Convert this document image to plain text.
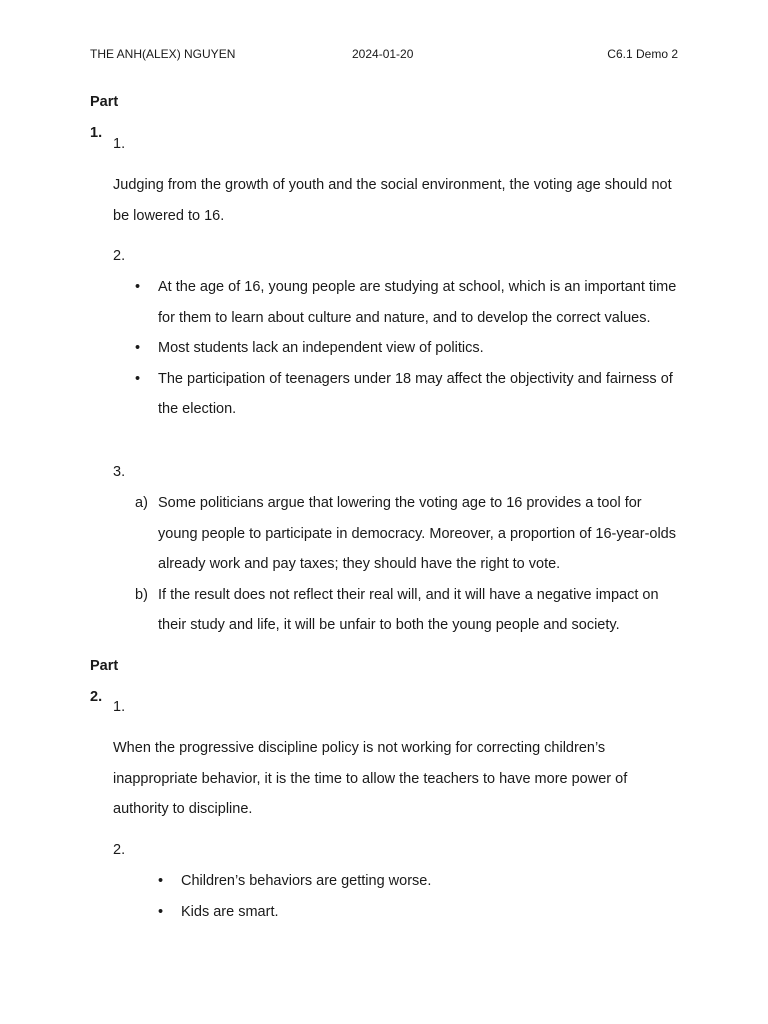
THE ANH(ALEX) NGUYEN	2024-01-20	C6.1 Demo 2

Part 1.

1.

Judging from the growth of youth and the social environment, the voting age should not be lowered to 16.

2.
• At the age of 16, young people are studying at school, which is an important time for them to learn about culture and nature, and to develop the correct values.
• Most students lack an independent view of politics.
• The participation of teenagers under 18 may affect the objectivity and fairness of the election.
3.
a) Some politicians argue that lowering the voting age to 16 provides a tool for young people to participate in democracy. Moreover, a proportion of 16-year-olds already work and pay taxes; they should have the right to vote.
b) If the result does not reflect their real will, and it will have a negative impact on their study and life, it will be unfair to both the young people and society.

Part 2.

1.

When the progressive discipline policy is not working for correcting children’s inappropriate behavior, it is the time to allow the teachers to have more power of authority to discipline.

2.
• Children’s behaviors are getting worse.
• Kids are smart.
